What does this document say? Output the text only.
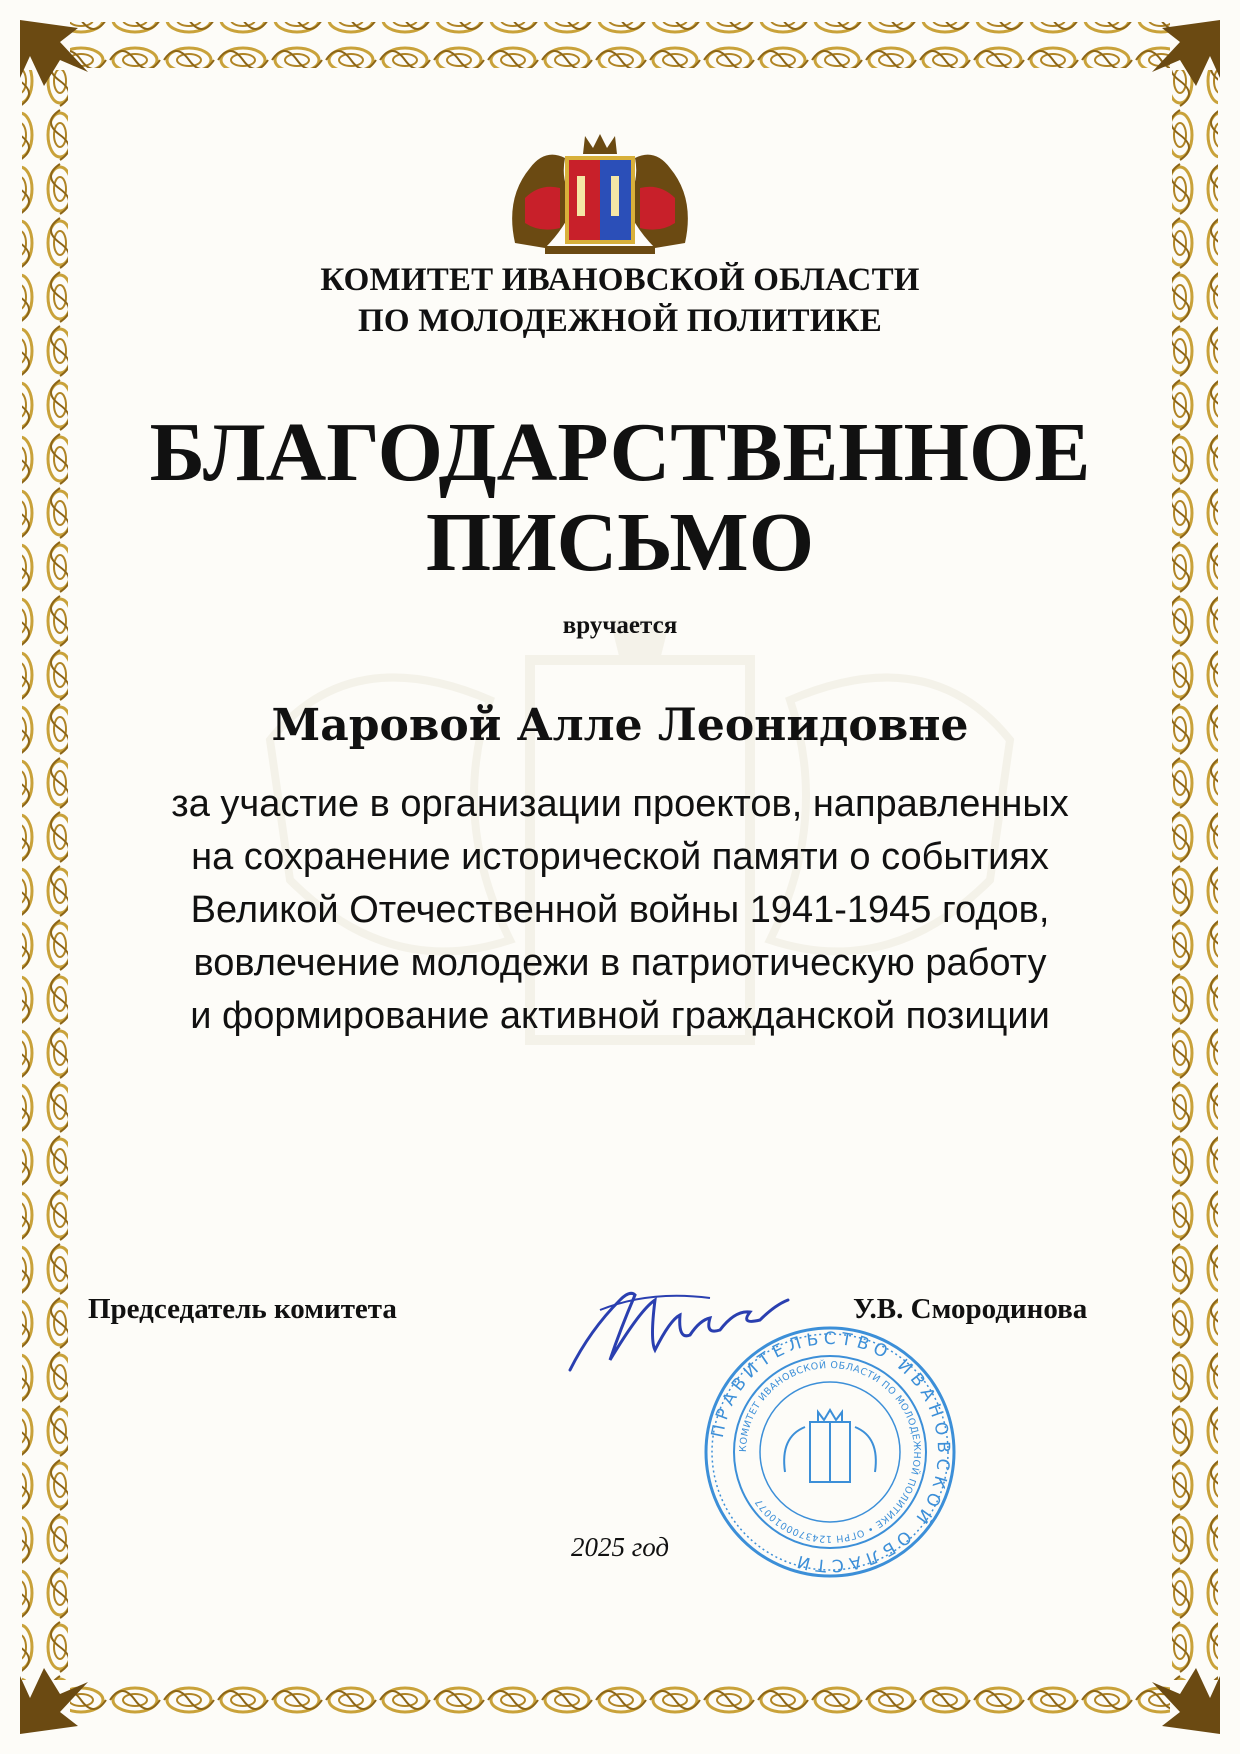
КОМИТЕТ ИВАНОВСКОЙ ОБЛАСТИ
ПО МОЛОДЕЖНОЙ ПОЛИТИКЕ
БЛАГОДАРСТВЕННОЕ
ПИСЬМО
вручается
Маровой Алле Леонидовне
за участие в организации проектов, направленных
на сохранение исторической памяти о событиях
Великой Отечественной войны 1941-1945 годов,
вовлечение молодежи в патриотическую работу
и формирование активной гражданской позиции
Председатель комитета	У.В. Смородинова
ПРАВИТЕЛЬСТВО ИВАНОВСКОЙ ОБЛАСТИ
КОМИТЕТ ИВАНОВСКОЙ ОБЛАСТИ ПО МОЛОДЕЖНОЙ ПОЛИТИКЕ • ОГРН 1243700010077
2025 год
